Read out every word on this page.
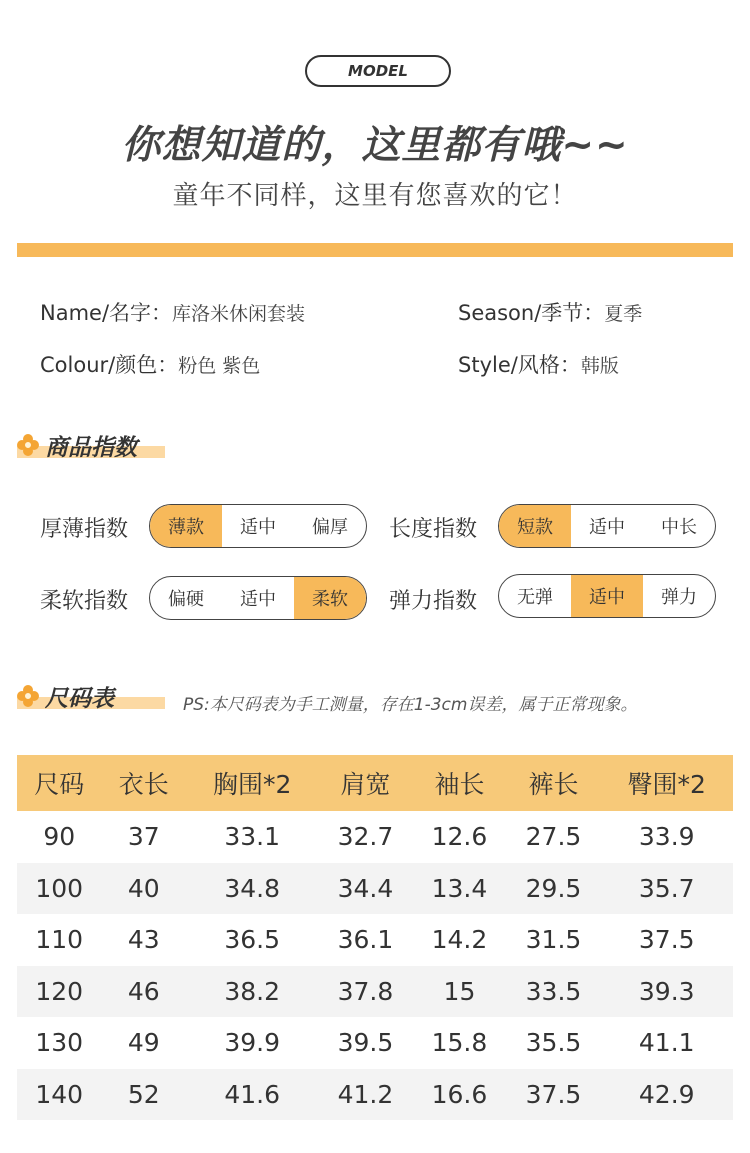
MODEL
你想知道的，这里都有哦~~
童年不同样，这里有您喜欢的它！
Name/名字：库洛米休闲套装	Season/季节：夏季
Colour/颜色：粉色 紫色	Style/风格：韩版
商品指数
厚薄指数	薄款	适中	偏厚	长度指数	短款	适中	中长
柔软指数	偏硬	适中	柔软	弹力指数	无弹	适中	弹力
尺码表	PS:本尺码表为手工测量，存在1-3cm误差，属于正常现象。
尺码	衣长	胸围*2	肩宽	袖长	裤长	臀围*2
90	37	33.1	32.7	12.6	27.5	33.9
100	40	34.8	34.4	13.4	29.5	35.7
110	43	36.5	36.1	14.2	31.5	37.5
120	46	38.2	37.8	15	33.5	39.3
130	49	39.9	39.5	15.8	35.5	41.1
140	52	41.6	41.2	16.6	37.5	42.9
